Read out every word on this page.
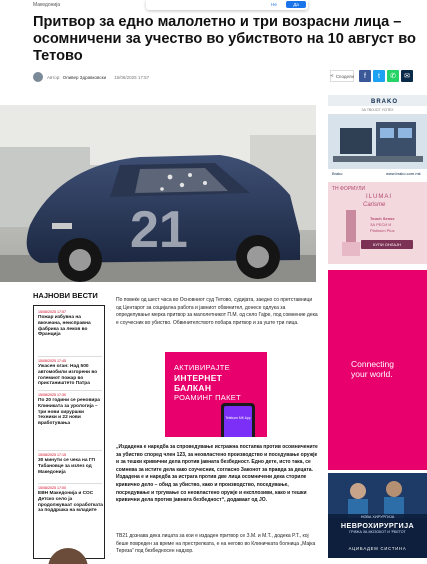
Македонија	Не	Да
Притвор за едно малолетно и три возрасни лица – осомничени за учество во убиството на 10 август во Тетово
Автор: Оливер Здравковски 15/08/2025 17:57	⋖ Сподели f t ✆ ✉
21
НАЈНОВИ ВЕСТИ
15/08/2025 17:57
Пожар избувна на вкочеана, неисправна фабрика за леков во Франција
15/08/2025 17:45
Ужасен оган: Над 500 автомобили изгорени во големиот пожар во пристаништето Патра
15/08/2025 17:30
По 20 години се реновира Клиниката за урологија – три нови хируршки техники и 22 нови вработувања
15/08/2025 17:15
30 минути се чека на ГП Табановце за излез од Македонија
15/08/2025 17:00
ЕВН Македонија и СОС Детско село ја продолжуваат соработката за поддршка на младите

По повеќе од шест часа во Основниот суд Тетово, судијата, заедно со претставници од Центарот за социјална работа и јавниот обвинител, донесе одлука за определување мерка притвор за малолетникот П.М. од село Гајре, под сомнение дека е соучесник во убиство. Обвинителството побара притвор и за уште три лица.

АКТИВИРАЈТЕ
ИНТЕРНЕТ
БАЛКАН
РОАМИНГ ПАКЕТ
Telekom МК App

„Издадена е наредба за спроведување истражна постапка против осомничените за убиство според член 123, за неовластено производство и поседување оружје и за тешки кривични дела против јавната безбедност. Едно дете, исто така, се сомнева за истите дела како соучесник, согласно Законот за правда за децата. Издадена е и наредба за истрага против две лица осомничени дека сториле кривично дело – обид за убиство, како и производство, поседување, посредување и тргување со неовластено оружје и експлозиви, како и тешки кривични дела против јавната безбедност“, додаваат од ЈО.

ТВ21 дознава дека лицата за кои е издаден притвор се З.М. и М.Т., додека Р.Т., кој беше повреден за време на престрелката, е на негово во Клиничката болница „Мајка Тереза“ под безбедносен надзор.

BRAKO
ЗА ТВОЈОТ УСПЕХ
Brako	www.brako.com.mk
TH ФОРМУЛИ
ILUMAI
Carisme
Touch Sense
ЗА РЕСИ И
Platinum Plus
КУПИ ОНЛАЈН
Connecting your world.
НОВА ХИРУРГИЈА
НЕВРОХИРУРГИЈА
ГРИЖА ЗА МОЗОКОТ И ’РБЕТОТ
АЦИБАДЕМ СИСТИНА
